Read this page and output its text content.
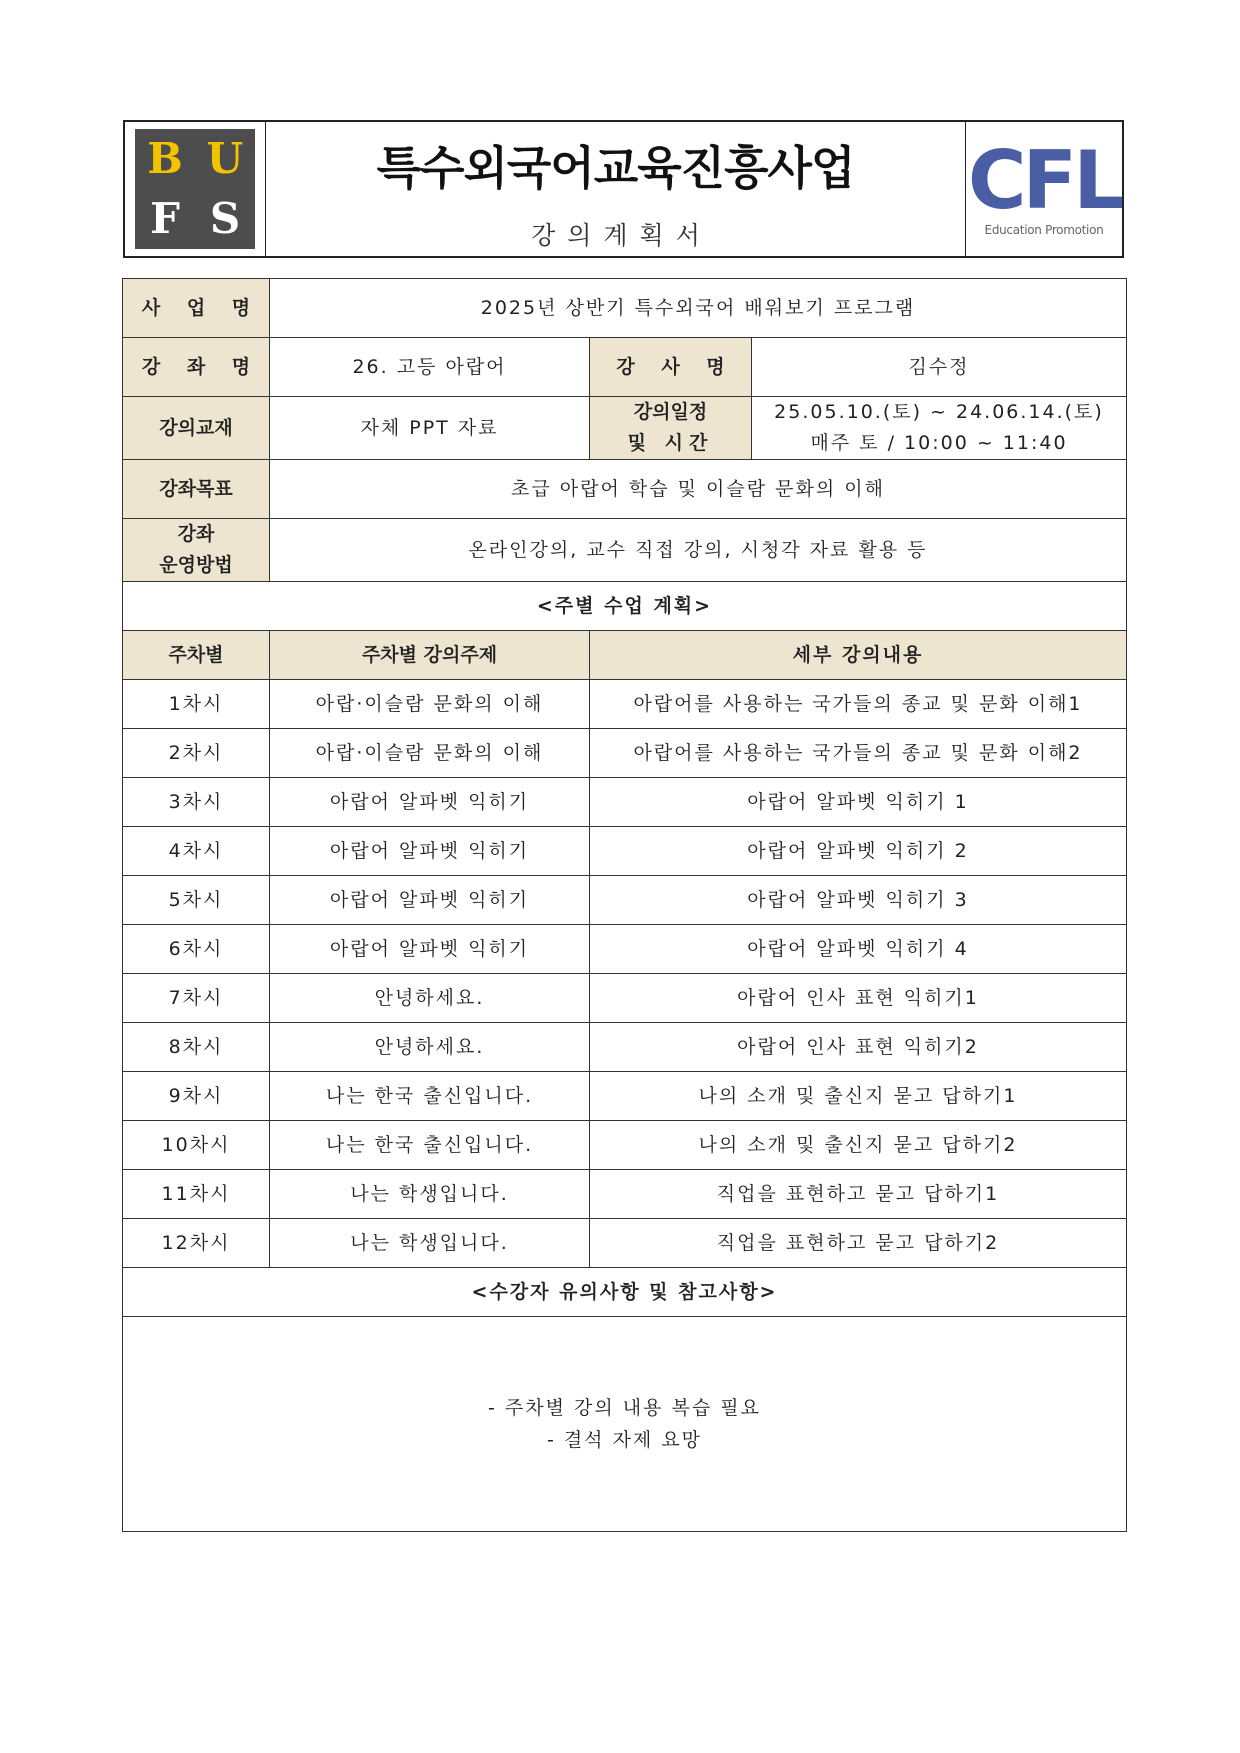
B U
F S
특수외국어교육진흥사업
강의계획서
CFL
Education Promotion
사 업 명	2025년 상반기 특수외국어 배워보기 프로그램		
강 좌 명	26. 고등 아랍어	강 사 명	김수정
강의교재	자체 PPT 자료	강의일정
및 시간	25.05.10.(토) ~ 24.06.14.(토)
매주 토 / 10:00 ~ 11:40

강좌목표	초급 아랍어 학습 및 이슬람 문화의 이해		

강좌
운영방법	온라인강의, 교수 직접 강의, 시청각 자료 활용 등		
<주별 수업 계획>			
주차별	주차별 강의주제	세부 강의내용	
1차시	아랍·이슬람 문화의 이해	아랍어를 사용하는 국가들의 종교 및 문화 이해1	
2차시	아랍·이슬람 문화의 이해	아랍어를 사용하는 국가들의 종교 및 문화 이해2	
3차시	아랍어 알파벳 익히기	아랍어 알파벳 익히기 1	
4차시	아랍어 알파벳 익히기	아랍어 알파벳 익히기 2	
5차시	아랍어 알파벳 익히기	아랍어 알파벳 익히기 3	
6차시	아랍어 알파벳 익히기	아랍어 알파벳 익히기 4	
7차시	안녕하세요.	아랍어 인사 표현 익히기1	
8차시	안녕하세요.	아랍어 인사 표현 익히기2	
9차시	나는 한국 출신입니다.	나의 소개 및 출신지 묻고 답하기1	
10차시	나는 한국 출신입니다.	나의 소개 및 출신지 묻고 답하기2	
11차시	나는 학생입니다.	직업을 표현하고 묻고 답하기1	
12차시	나는 학생입니다.	직업을 표현하고 묻고 답하기2	
<수강자 유의사항 및 참고사항>			

- 주차별 강의 내용 복습 필요
- 결석 자제 요망			
